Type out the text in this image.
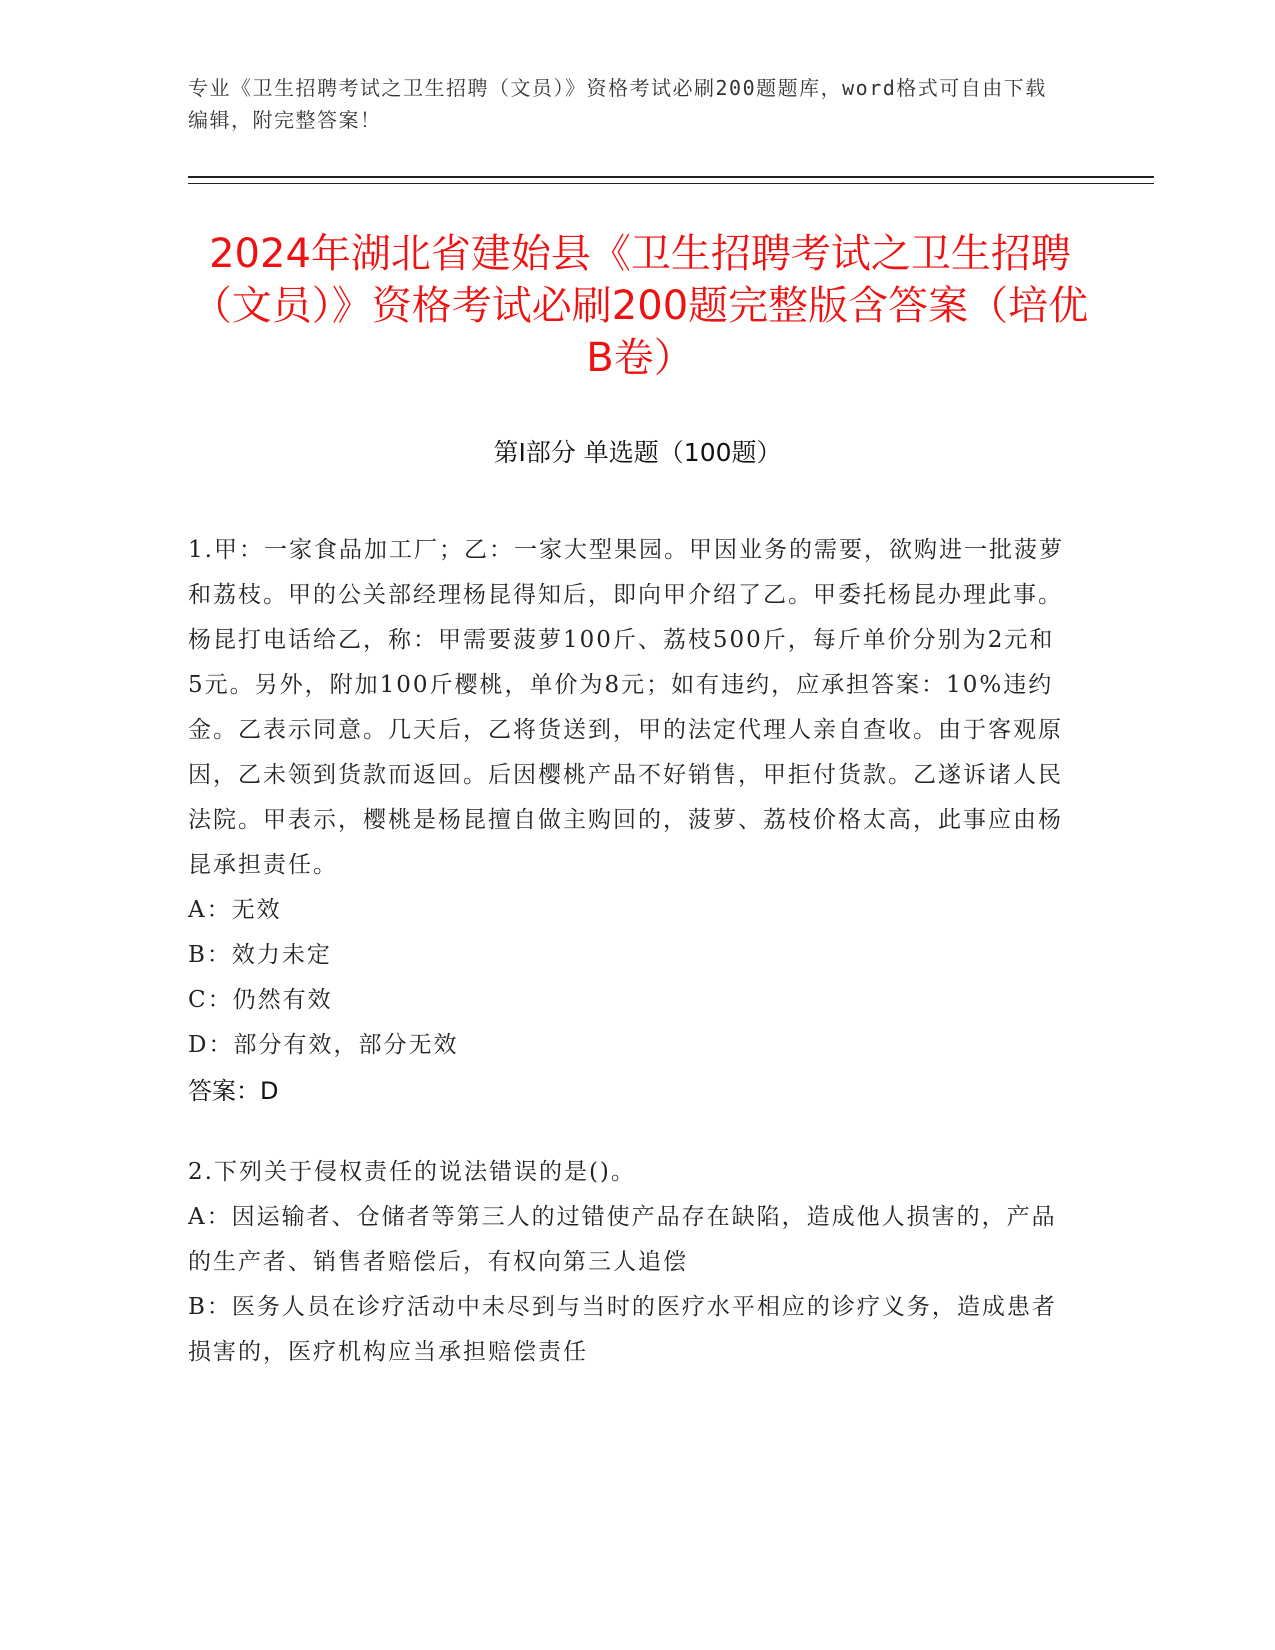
专业《卫生招聘考试之卫生招聘（文员）》资格考试必刷200题题库，word格式可自由下载编辑，附完整答案！
2024年湖北省建始县《卫生招聘考试之卫生招聘（文员）》资格考试必刷200题完整版含答案（培优B卷）
第I部分 单选题（100题）

1.甲：一家食品加工厂；乙：一家大型果园。甲因业务的需要，欲购进一批菠萝和荔枝。甲的公关部经理杨昆得知后，即向甲介绍了乙。甲委托杨昆办理此事。杨昆打电话给乙，称：甲需要菠萝100斤、荔枝500斤，每斤单价分别为2元和5元。另外，附加100斤樱桃，单价为8元；如有违约，应承担答案：10%违约金。乙表示同意。几天后，乙将货送到，甲的法定代理人亲自查收。由于客观原因，乙未领到货款而返回。后因樱桃产品不好销售，甲拒付货款。乙遂诉诸人民法院。甲表示，樱桃是杨昆擅自做主购回的，菠萝、荔枝价格太高，此事应由杨昆承担责任。

A：无效

B：效力未定

C：仍然有效

D：部分有效，部分无效

答案：D

2.下列关于侵权责任的说法错误的是()。

A：因运输者、仓储者等第三人的过错使产品存在缺陷，造成他人损害的，产品的生产者、销售者赔偿后，有权向第三人追偿

B：医务人员在诊疗活动中未尽到与当时的医疗水平相应的诊疗义务，造成患者损害的，医疗机构应当承担赔偿责任
